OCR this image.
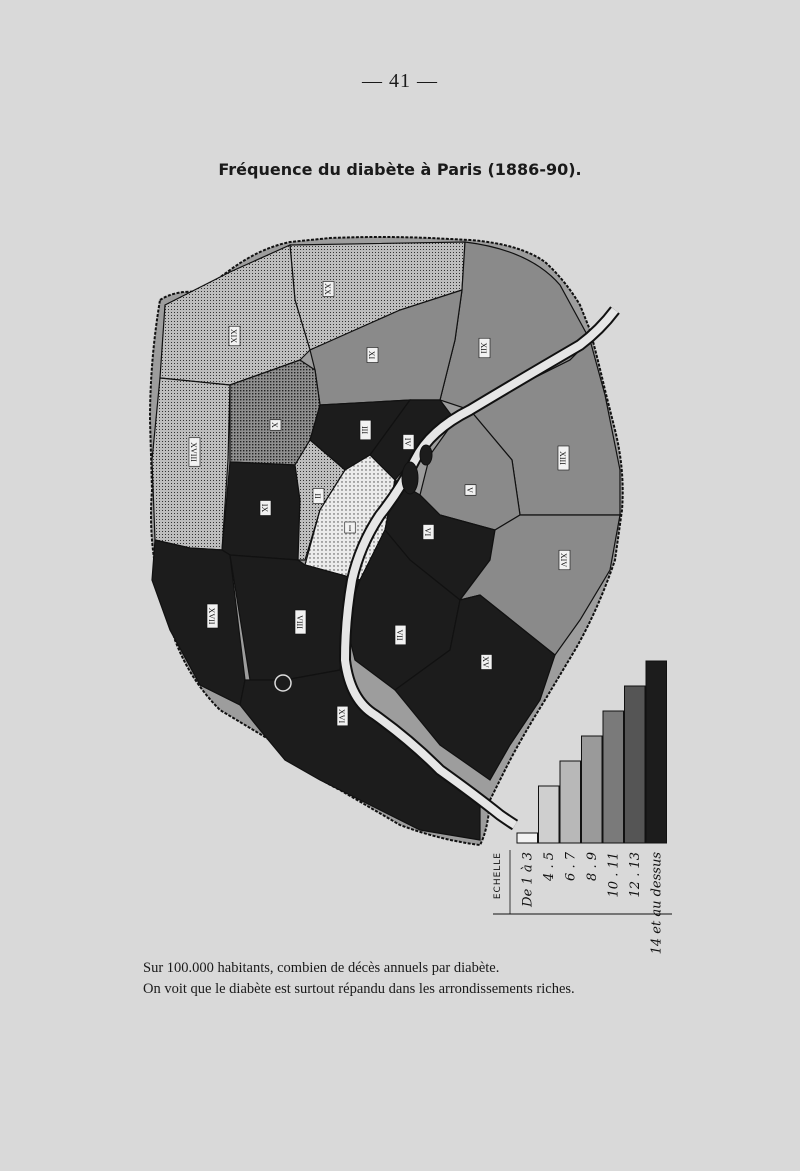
— 41 —
Fréquence du diabète à Paris (1886-90).
I
II
III
IV
V
VI
VII
VIII
IX
X
XI
XII
XIII
XIV
XV
XVI
XVII
XVIII
XIX
XX
De 1 à 3 4 . 5 6 . 7 8 . 9 10 . 11 12 . 13 14 et au dessus
ECHELLE
Sur 100.000 habitants, combien de décès annuels par diabète.
On voit que le diabète est surtout répandu dans les arrondissements riches.
